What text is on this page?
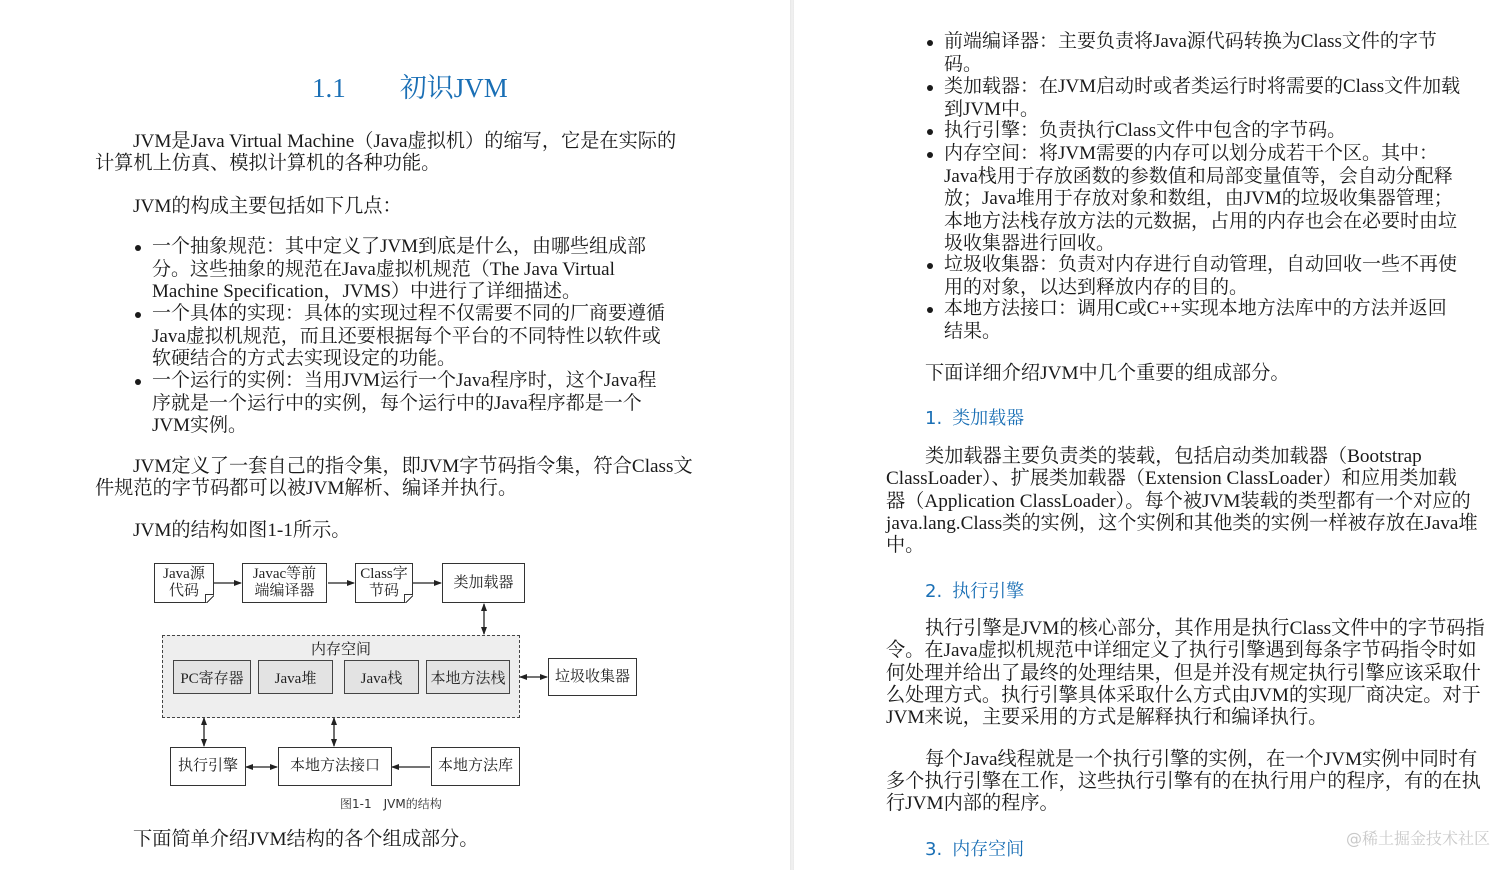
1.1　　初识JVM
JVM是Java Virtual Machine（Java虚拟机）的缩写，它是在实际的
计算机上仿真、模拟计算机的各种功能。
JVM的构成主要包括如下几点：
一个抽象规范：其中定义了JVM到底是什么，由哪些组成部
分。这些抽象的规范在Java虚拟机规范（The Java Virtual
Machine Specification，JVMS）中进行了详细描述。
一个具体的实现：具体的实现过程不仅需要不同的厂商要遵循
Java虚拟机规范，而且还要根据每个平台的不同特性以软件或
软硬结合的方式去实现设定的功能。
一个运行的实例：当用JVM运行一个Java程序时，这个Java程
序就是一个运行中的实例，每个运行中的Java程序都是一个
JVM实例。
JVM定义了一套自己的指令集，即JVM字节码指令集，符合Class文
件规范的字节码都可以被JVM解析、编译并执行。
JVM的结构如图1-1所示。
Java源
代码
Javac等前
端编译器
Class字
节码
类加载器
内存空间
PC寄存器 Java堆	Java栈 本地方法栈	垃圾收集器
执行引擎	本地方法接口	本地方法库
图1-1　JVM的结构
下面简单介绍JVM结构的各个组成部分。
前端编译器：主要负责将Java源代码转换为Class文件的字节
码。
类加载器：在JVM启动时或者类运行时将需要的Class文件加载
到JVM中。
执行引擎：负责执行Class文件中包含的字节码。
内存空间：将JVM需要的内存可以划分成若干个区。其中：
Java栈用于存放函数的参数值和局部变量值等，会自动分配释
放；Java堆用于存放对象和数组，由JVM的垃圾收集器管理；
本地方法栈存放方法的元数据，占用的内存也会在必要时由垃
圾收集器进行回收。
垃圾收集器：负责对内存进行自动管理，自动回收一些不再使
用的对象，以达到释放内存的目的。
本地方法接口：调用C或C++实现本地方法库中的方法并返回
结果。
下面详细介绍JVM中几个重要的组成部分。
1. 类加载器
类加载器主要负责类的装载，包括启动类加载器（Bootstrap
ClassLoader）、扩展类加载器（Extension ClassLoader）和应用类加载
器（Application ClassLoader）。每个被JVM装载的类型都有一个对应的
java.lang.Class类的实例，这个实例和其他类的实例一样被存放在Java堆
中。
2. 执行引擎
执行引擎是JVM的核心部分，其作用是执行Class文件中的字节码指
令。在Java虚拟机规范中详细定义了执行引擎遇到每条字节码指令时如
何处理并给出了最终的处理结果，但是并没有规定执行引擎应该采取什
么处理方式。执行引擎具体采取什么方式由JVM的实现厂商决定。对于
JVM来说，主要采用的方式是解释执行和编译执行。
每个Java线程就是一个执行引擎的实例，在一个JVM实例中同时有
多个执行引擎在工作，这些执行引擎有的在执行用户的程序，有的在执
行JVM内部的程序。
3. 内存空间
@稀土掘金技术社区
